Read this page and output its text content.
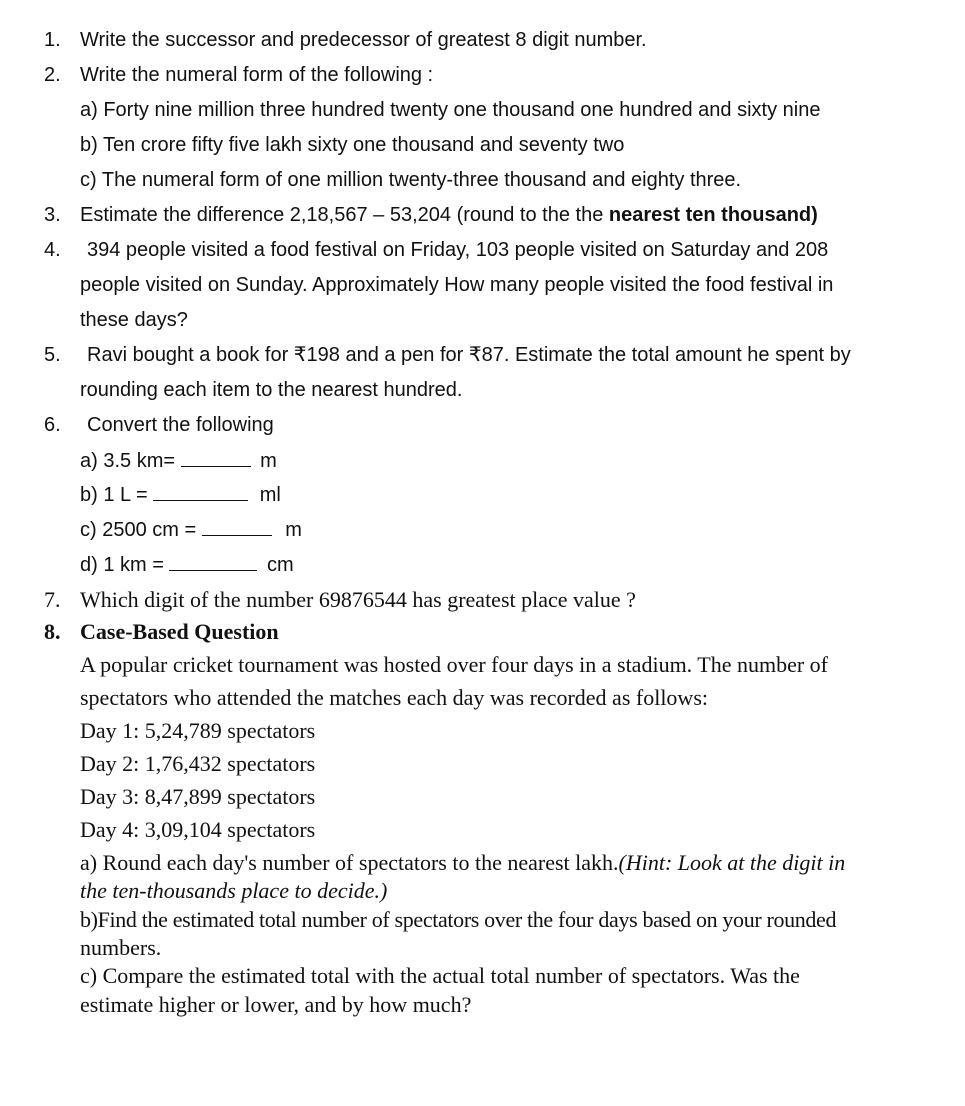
1. Write the successor and predecessor of greatest 8 digit number.
2. Write the numeral form of the following :
a) Forty nine million three hundred twenty one thousand one hundred and sixty nine
b) Ten crore fifty five lakh sixty one thousand and seventy two
c) The numeral form of one million twenty-three thousand and eighty three.
3. Estimate the difference 2,18,567 – 53,204 (round to the the nearest ten thousand)
4. 394 people visited a food festival on Friday, 103 people visited on Saturday and 208
people visited on Sunday. Approximately How many people visited the food festival in
these days?
5. Ravi bought a book for ₹198 and a pen for ₹87. Estimate the total amount he spent by
rounding each item to the nearest hundred.
6. Convert the following
a) 3.5 km=	m
b) 1 L =	ml
c) 2500 cm =	m
d) 1 km =	cm
7. Which digit of the number 69876544 has greatest place value ?
8. Case-Based Question
A popular cricket tournament was hosted over four days in a stadium. The number of
spectators who attended the matches each day was recorded as follows:
Day 1: 5,24,789 spectators
Day 2: 1,76,432 spectators
Day 3: 8,47,899 spectators
Day 4: 3,09,104 spectators
a) Round each day's number of spectators to the nearest lakh.(Hint: Look at the digit in
the ten-thousands place to decide.)
b)Find the estimated total number of spectators over the four days based on your rounded
numbers.
c) Compare the estimated total with the actual total number of spectators. Was the
estimate higher or lower, and by how much?
